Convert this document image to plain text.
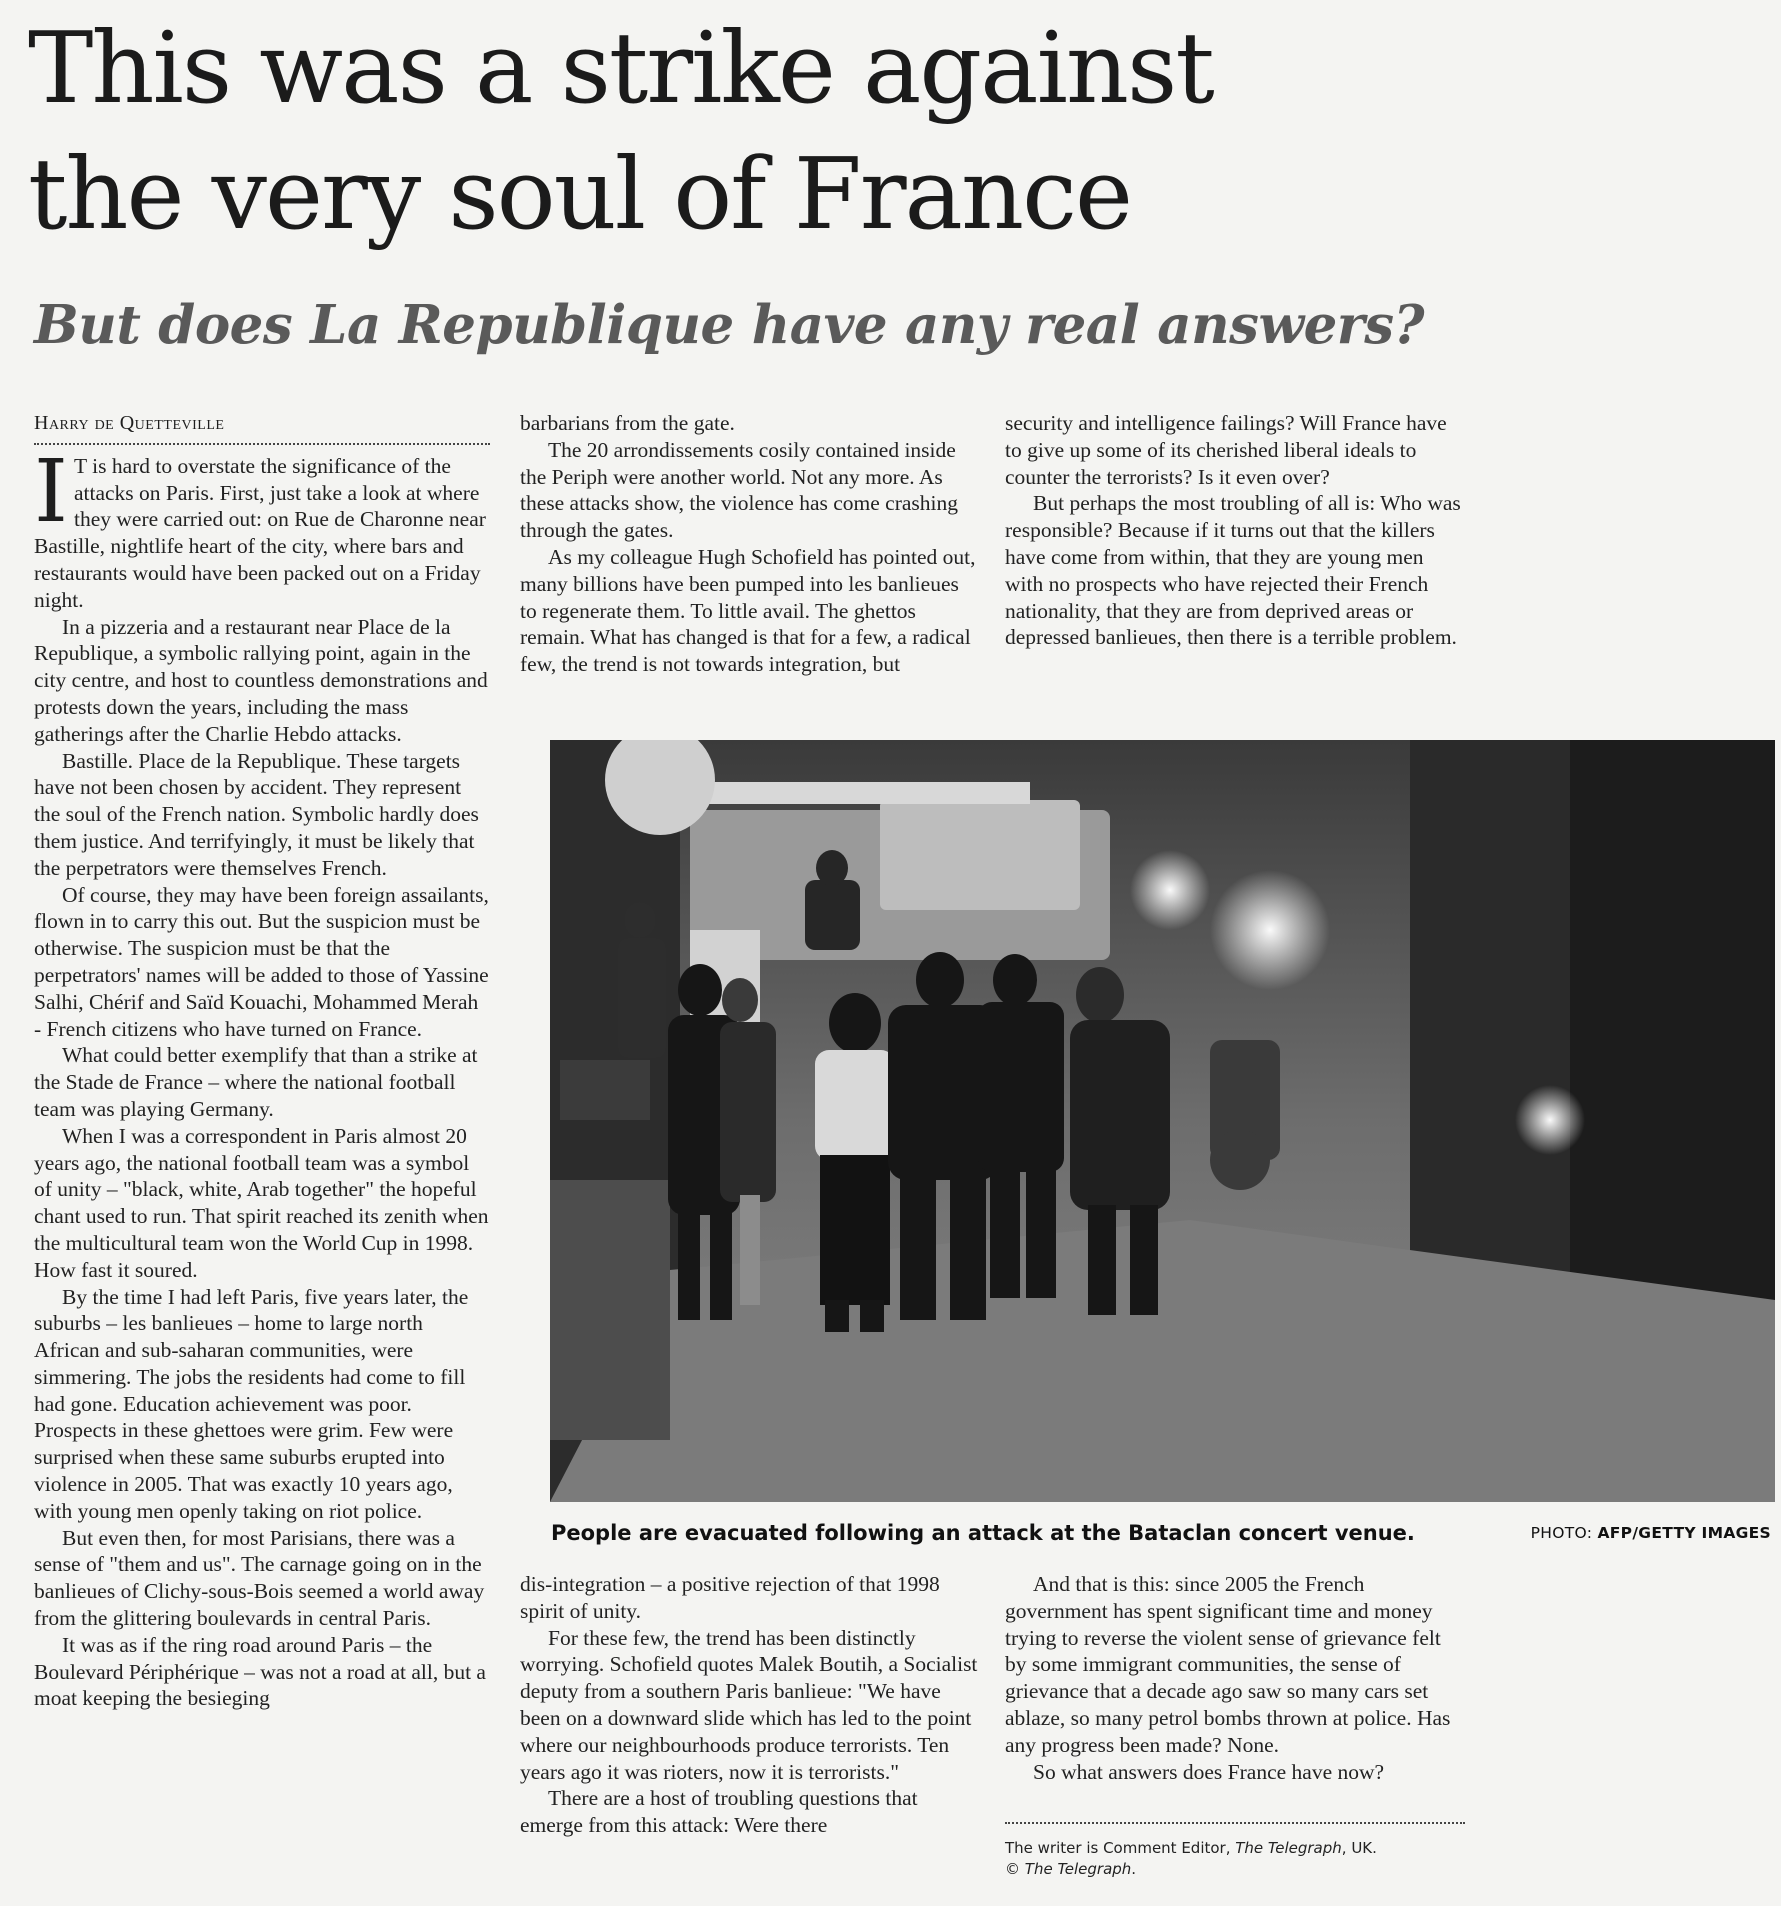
This was a strike against
the very soul of France
But does La Republique have any real answers?
Harry de Quetteville

I T is hard to overstate the significance of the attacks on Paris. First, just take a look at where they were carried out: on Rue de Charonne near Bastille, nightlife heart of the city, where bars and restaurants would have been packed out on a Friday night.

In a pizzeria and a restaurant near Place de la Republique, a symbolic rallying point, again in the city centre, and host to countless demonstrations and protests down the years, including the mass gatherings after the Charlie Hebdo attacks.

Bastille. Place de la Republique. These targets have not been chosen by accident. They represent the soul of the French nation. Symbolic hardly does them justice. And terrifyingly, it must be likely that the perpetrators were themselves French.

Of course, they may have been foreign assailants, flown in to carry this out. But the suspicion must be otherwise. The suspicion must be that the perpetrators' names will be added to those of Yassine Salhi, Chérif and Saïd Kouachi, Mohammed Merah - French citizens who have turned on France.

What could better exemplify that than a strike at the Stade de France – where the national football team was playing Germany.

When I was a correspondent in Paris almost 20 years ago, the national football team was a symbol of unity – "black, white, Arab together" the hopeful chant used to run. That spirit reached its zenith when the multicultural team won the World Cup in 1998. How fast it soured.

By the time I had left Paris, five years later, the suburbs – les banlieues – home to large north African and sub-saharan communities, were simmering. The jobs the residents had come to fill had gone. Education achievement was poor. Prospects in these ghettoes were grim. Few were surprised when these same suburbs erupted into violence in 2005. That was exactly 10 years ago, with young men openly taking on riot police.

But even then, for most Parisians, there was a sense of "them and us". The carnage going on in the banlieues of Clichy-sous-Bois seemed a world away from the glittering boulevards in central Paris.

It was as if the ring road around Paris – the Boulevard Périphérique – was not a road at all, but a moat keeping the besieging

barbarians from the gate.

The 20 arrondissements cosily contained inside the Periph were another world. Not any more. As these attacks show, the violence has come crashing through the gates.

As my colleague Hugh Schofield has pointed out, many billions have been pumped into les banlieues to regenerate them. To little avail. The ghettos remain. What has changed is that for a few, a radical few, the trend is not towards integration, but

security and intelligence failings? Will France have to give up some of its cherished liberal ideals to counter the terrorists? Is it even over?

But perhaps the most troubling of all is: Who was responsible? Because if it turns out that the killers have come from within, that they are young men with no prospects who have rejected their French nationality, that they are from deprived areas or depressed banlieues, then there is a terrible problem.

People are evacuated following an attack at the Bataclan concert venue.	PHOTO: AFP/GETTY IMAGES

dis-integration – a positive rejection of that 1998 spirit of unity.

For these few, the trend has been distinctly worrying. Schofield quotes Malek Boutih, a Socialist deputy from a southern Paris banlieue: "We have been on a downward slide which has led to the point where our neighbourhoods produce terrorists. Ten years ago it was rioters, now it is terrorists."

There are a host of troubling questions that emerge from this attack: Were there

And that is this: since 2005 the French government has spent significant time and money trying to reverse the violent sense of grievance felt by some immigrant communities, the sense of grievance that a decade ago saw so many cars set ablaze, so many petrol bombs thrown at police. Has any progress been made? None.

So what answers does France have now?

The writer is Comment Editor, The Telegraph, UK.
© The Telegraph.
